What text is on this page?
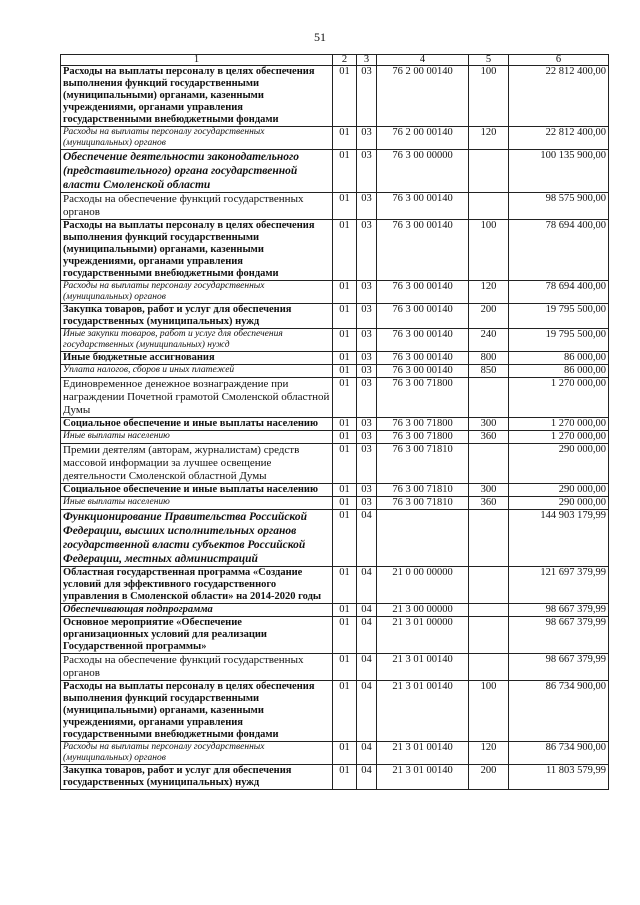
51
1	2	3	4	5	6
Расходы на выплаты персоналу в целях обеспечения выполнения функций государственными (муниципальными) органами, казенными учреждениями, органами управления государственными внебюджетными фондами	01	03	76 2 00 00140	100	22 812 400,00
Расходы на выплаты персоналу государственных (муниципальных) органов	01	03	76 2 00 00140	120	22 812 400,00
Обеспечение деятельности законодательного (представительного) органа государственной власти Смоленской области	01	03	76 3 00 00000		100 135 900,00
Расходы на обеспечение функций государственных органов	01	03	76 3 00 00140		98 575 900,00
Расходы на выплаты персоналу в целях обеспечения выполнения функций государственными (муниципальными) органами, казенными учреждениями, органами управления государственными внебюджетными фондами	01	03	76 3 00 00140	100	78 694 400,00
Расходы на выплаты персоналу государственных (муниципальных) органов	01	03	76 3 00 00140	120	78 694 400,00
Закупка товаров, работ и услуг для обеспечения государственных (муниципальных) нужд	01	03	76 3 00 00140	200	19 795 500,00
Иные закупки товаров, работ и услуг для обеспечения государственных (муниципальных) нужд	01	03	76 3 00 00140	240	19 795 500,00
Иные бюджетные ассигнования	01	03	76 3 00 00140	800	86 000,00
Уплата налогов, сборов и иных платежей	01	03	76 3 00 00140	850	86 000,00
Единовременное денежное вознаграждение при награждении Почетной грамотой Смоленской областной Думы	01	03	76 3 00 71800		1 270 000,00
Социальное обеспечение и иные выплаты населению	01	03	76 3 00 71800	300	1 270 000,00
Иные выплаты населению	01	03	76 3 00 71800	360	1 270 000,00
Премии деятелям (авторам, журналистам) средств массовой информации за лучшее освещение деятельности Смоленской областной Думы	01	03	76 3 00 71810		290 000,00
Социальное обеспечение и иные выплаты населению	01	03	76 3 00 71810	300	290 000,00
Иные выплаты населению	01	03	76 3 00 71810	360	290 000,00
Функционирование Правительства Российской Федерации, высших исполнительных органов государственной власти субъектов Российской Федерации, местных администраций	01	04			144 903 179,99
Областная государственная программа «Создание условий для эффективного государственного управления в Смоленской области» на 2014-2020 годы	01	04	21 0 00 00000		121 697 379,99
Обеспечивающая подпрограмма	01	04	21 3 00 00000		98 667 379,99
Основное мероприятие «Обеспечение организационных условий для реализации Государственной программы»	01	04	21 3 01 00000		98 667 379,99
Расходы на обеспечение функций государственных органов	01	04	21 3 01 00140		98 667 379,99
Расходы на выплаты персоналу в целях обеспечения выполнения функций государственными (муниципальными) органами, казенными учреждениями, органами управления государственными внебюджетными фондами	01	04	21 3 01 00140	100	86 734 900,00
Расходы на выплаты персоналу государственных (муниципальных) органов	01	04	21 3 01 00140	120	86 734 900,00
Закупка товаров, работ и услуг для обеспечения государственных (муниципальных) нужд	01	04	21 3 01 00140	200	11 803 579,99
